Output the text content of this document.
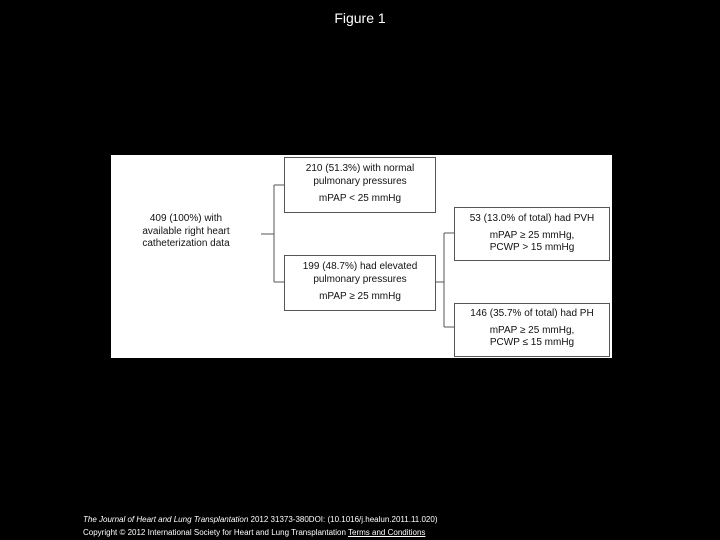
Figure 1
409 (100%) with
available right heart
catheterization data
210 (51.3%) with normal
pulmonary pressures
mPAP < 25 mmHg
199 (48.7%) had elevated
pulmonary pressures
mPAP ≥ 25 mmHg
53 (13.0% of total) had PVH
mPAP ≥ 25 mmHg,
PCWP > 15 mmHg
146 (35.7% of total) had PH
mPAP ≥ 25 mmHg,
PCWP ≤ 15 mmHg
The Journal of Heart and Lung Transplantation 2012 31373-380DOI: (10.1016/j.healun.2011.11.020)
Copyright © 2012 International Society for Heart and Lung Transplantation Terms and Conditions
